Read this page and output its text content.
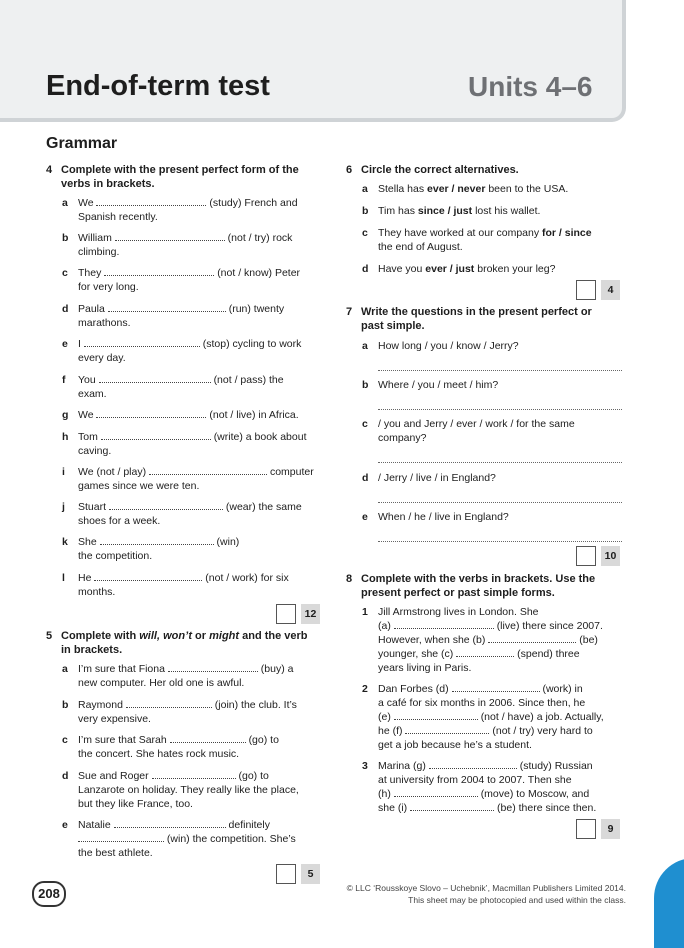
End-of-term test	Units 4–6
Grammar
4 Complete with the present perfect form of the
verbs in brackets.
a We	(study) French and
Spanish recently.
b William	(not / try) rock
climbing.
c They	(not / know) Peter
for very long.
d Paula	(run) twenty
marathons.
e I	(stop) cycling to work
every day.
f You	(not / pass) the
exam.
g We	(not / live) in Africa.
h Tom	(write) a book about
caving.
i We (not / play)	computer
games since we were ten.
j Stuart	(wear) the same
shoes for a week.
k She	(win)
the competition.
l He	(not / work) for six
months.
12
5 Complete with will, won’t or might and the verb
in brackets.
a I’m sure that Fiona	(buy) a
new computer. Her old one is awful.
b Raymond	(join) the club. It’s
very expensive.
c I’m sure that Sarah	(go) to
the concert. She hates rock music.
d Sue and Roger	(go) to
Lanzarote on holiday. They really like the place,
but they like France, too.
e Natalie	definitely
(win) the competition. She’s
the best athlete.
5
6 Circle the correct alternatives.
a Stella has ever / never been to the USA.
b Tim has since / just lost his wallet.
c They have worked at our company for / since
the end of August.
d Have you ever / just broken your leg?
4
7 Write the questions in the present perfect or
past simple.
a How long / you / know / Jerry?
b Where / you / meet / him?
c / you and Jerry / ever / work / for the same
company?
d / Jerry / live / in England?
e When / he / live in England?
10
8 Complete with the verbs in brackets. Use the
present perfect or past simple forms.
1 Jill Armstrong lives in London. She
(a)	(live) there since 2007.
However, when she (b)	(be)
younger, she (c)	(spend) three
years living in Paris.
2 Dan Forbes (d)	(work) in
a café for six months in 2006. Since then, he
(e)	(not / have) a job. Actually,
he (f)	(not / try) very hard to
get a job because he’s a student.
3 Marina (g)	(study) Russian
at university from 2004 to 2007. Then she
(h)	(move) to Moscow, and
she (i)	(be) there since then.
9
208	© LLC ‘Rousskoye Slovo – Uchebnik’, Macmillan Publishers Limited 2014.
This sheet may be photocopied and used within the class.
